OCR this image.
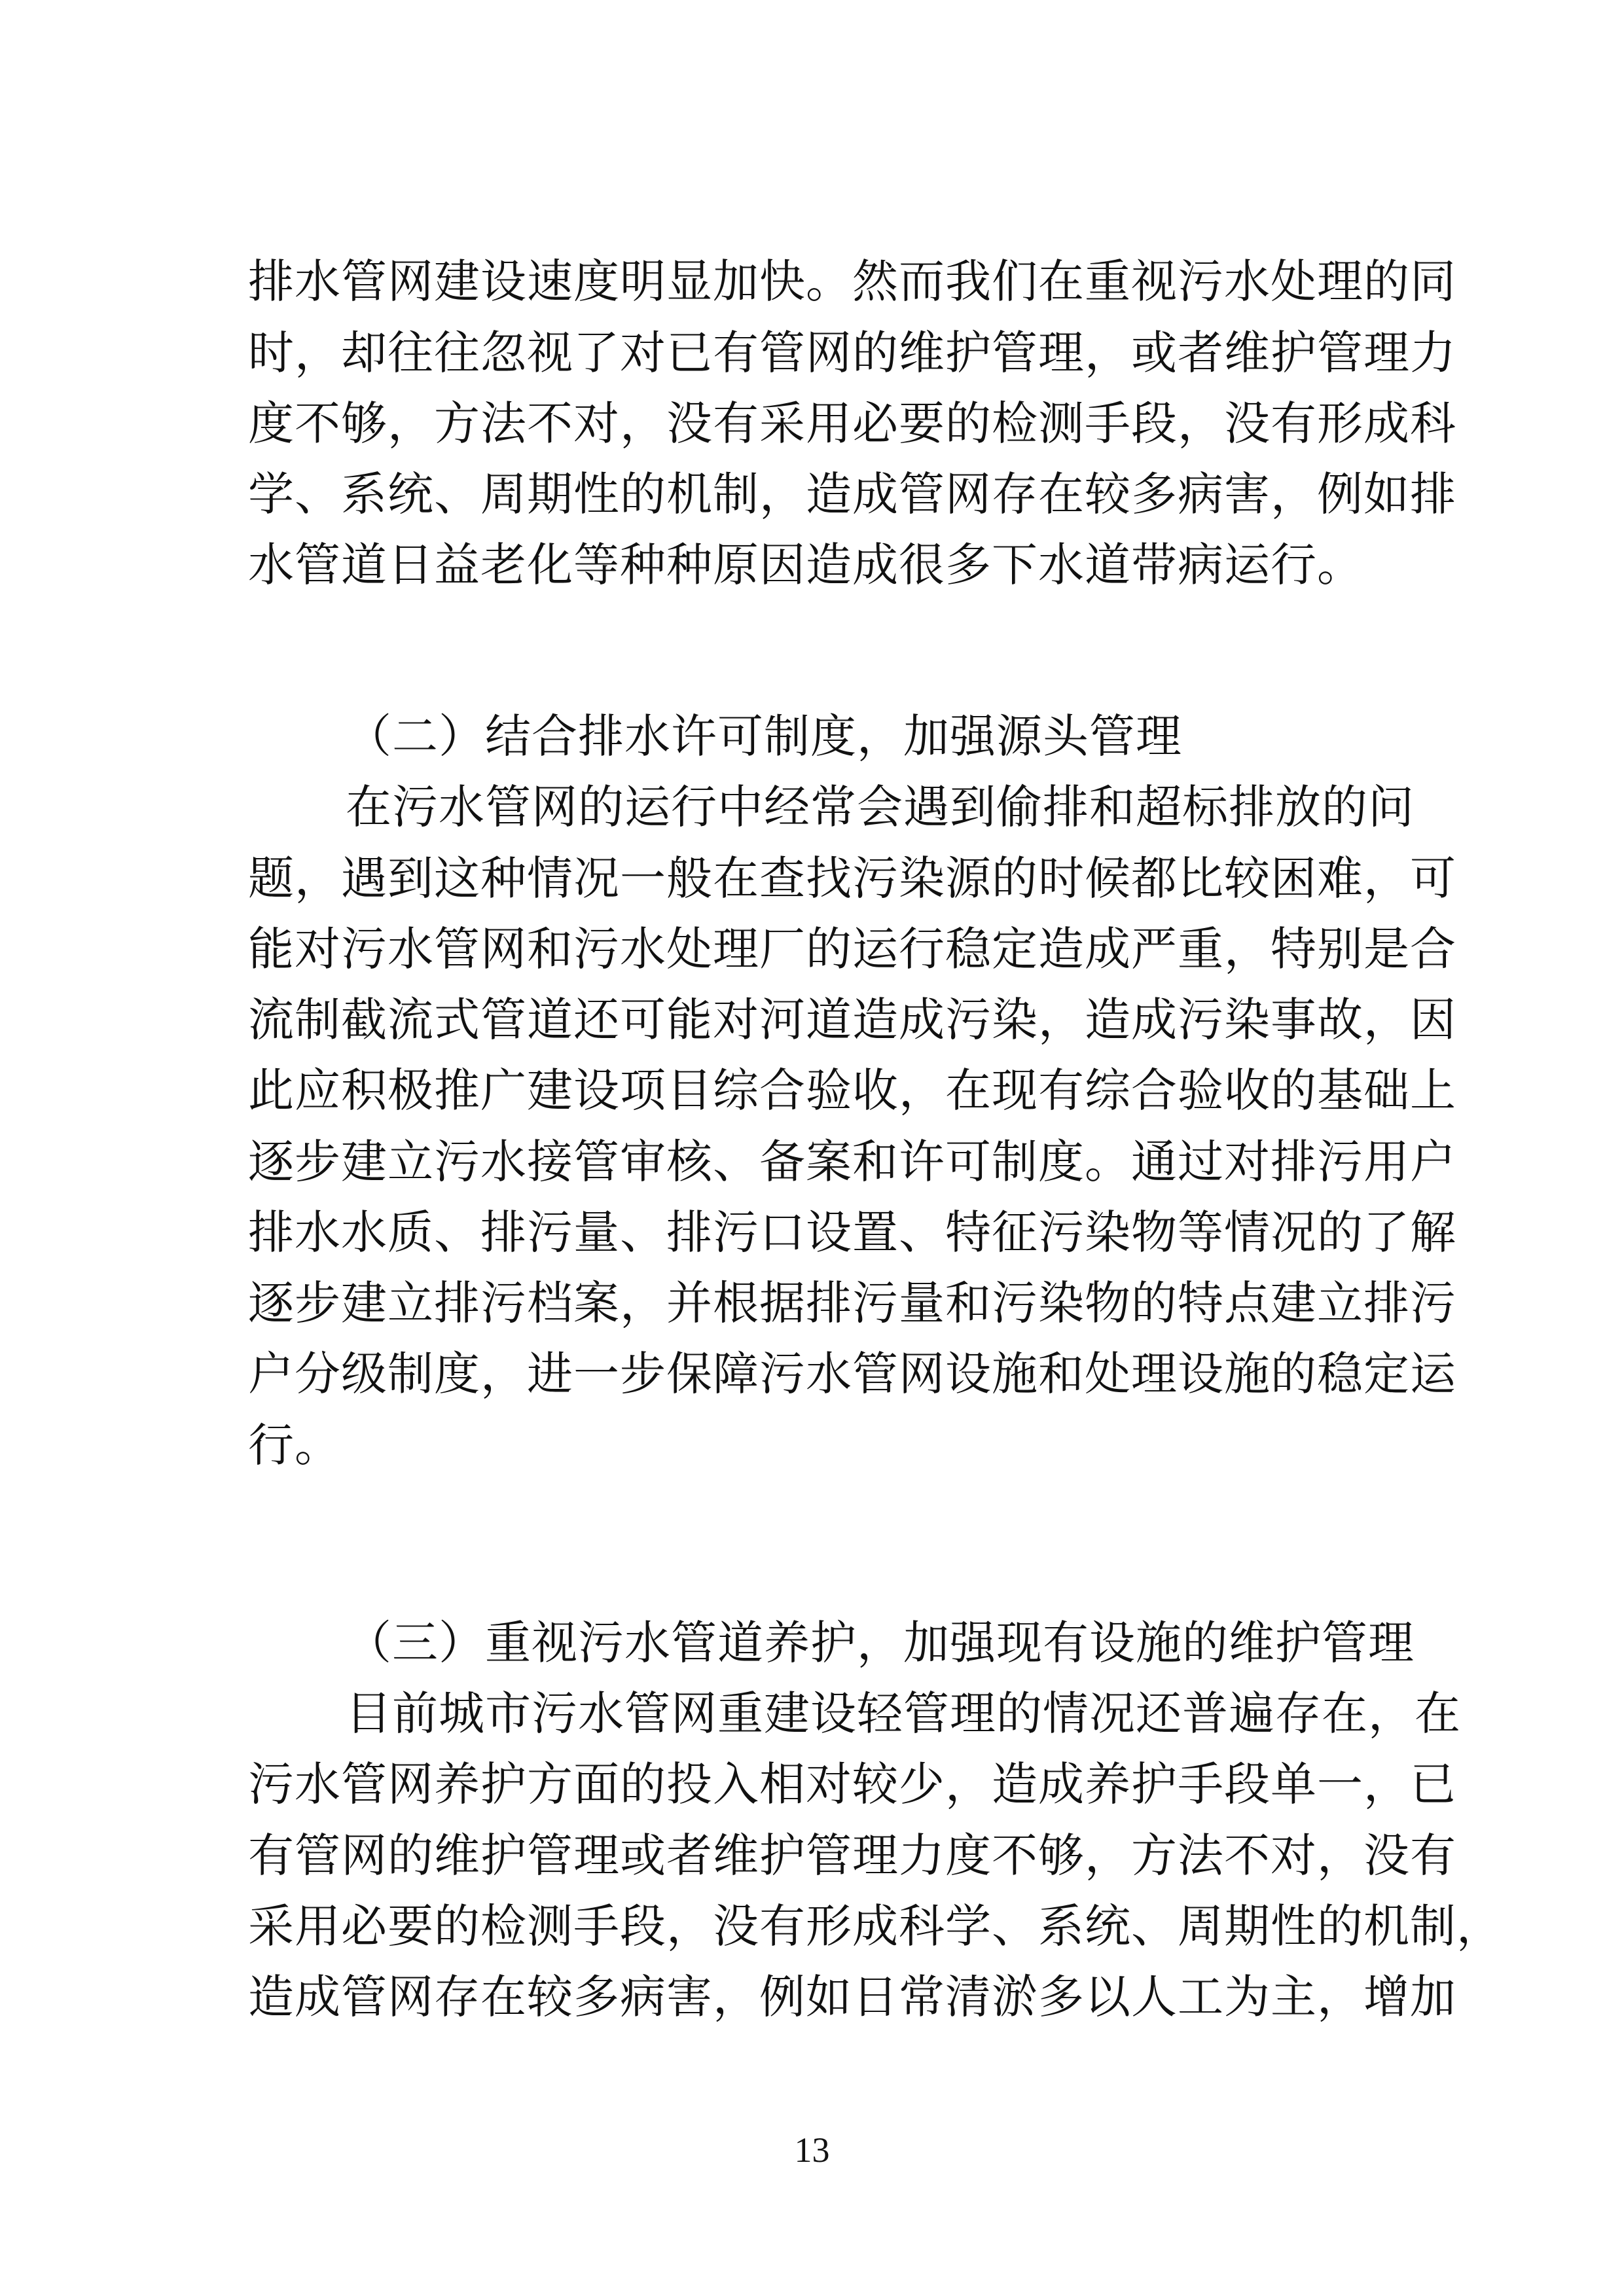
排水管网建设速度明显加快。然而我们在重视污水处理的同

时，却往往忽视了对已有管网的维护管理，或者维护管理力

度不够，方法不对，没有采用必要的检测手段，没有形成科

学、系统、周期性的机制，造成管网存在较多病害，例如排

水管道日益老化等种种原因造成很多下水道带病运行。

（二）结合排水许可制度，加强源头管理

在污水管网的运行中经常会遇到偷排和超标排放的问

题，遇到这种情况一般在查找污染源的时候都比较困难，可

能对污水管网和污水处理厂的运行稳定造成严重，特别是合

流制截流式管道还可能对河道造成污染，造成污染事故，因

此应积极推广建设项目综合验收，在现有综合验收的基础上

逐步建立污水接管审核、备案和许可制度。通过对排污用户

排水水质、排污量、排污口设置、特征污染物等情况的了解

逐步建立排污档案，并根据排污量和污染物的特点建立排污

户分级制度，进一步保障污水管网设施和处理设施的稳定运

行。

（三）重视污水管道养护，加强现有设施的维护管理

目前城市污水管网重建设轻管理的情况还普遍存在，在

污水管网养护方面的投入相对较少，造成养护手段单一，已

有管网的维护管理或者维护管理力度不够，方法不对，没有

采用必要的检测手段，没有形成科学、系统、周期性的机制，

造成管网存在较多病害，例如日常清淤多以人工为主，增加

13
